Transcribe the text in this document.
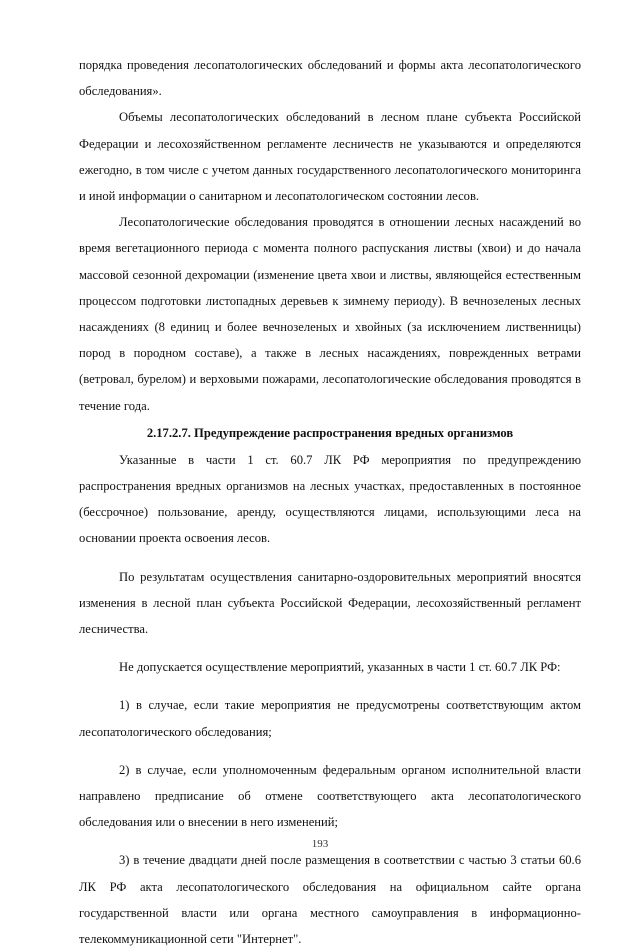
порядка проведения лесопатологических обследований и формы акта лесопатологического обследования».

Объемы лесопатологических обследований в лесном плане субъекта Российской Федерации и лесохозяйственном регламенте лесничеств не указываются и определяются ежегодно, в том числе с учетом данных государственного лесопатологического мониторинга и иной информации о санитарном и лесопатологическом состоянии лесов.

Лесопатологические обследования проводятся в отношении лесных насаждений во время вегетационного периода с момента полного распускания листвы (хвои) и до начала массовой сезонной дехромации (изменение цвета хвои и листвы, являющейся естественным процессом подготовки листопадных деревьев к зимнему периоду). В вечнозеленых лесных насаждениях (8 единиц и более вечнозеленых и хвойных (за исключением лиственницы) пород в породном составе), а также в лесных насаждениях, поврежденных ветрами (ветровал, бурелом) и верховыми пожарами, лесопатологические обследования проводятся в течение года.

2.17.2.7. Предупреждение распространения вредных организмов

Указанные в части 1 ст. 60.7 ЛК РФ мероприятия по предупреждению распространения вредных организмов на лесных участках, предоставленных в постоянное (бессрочное) пользование, аренду, осуществляются лицами, использующими леса на основании проекта освоения лесов.

По результатам осуществления санитарно-оздоровительных мероприятий вносятся изменения в лесной план субъекта Российской Федерации, лесохозяйственный регламент лесничества.

Не допускается осуществление мероприятий, указанных в части 1 ст. 60.7 ЛК РФ:

1) в случае, если такие мероприятия не предусмотрены соответствующим актом лесопатологического обследования;

2) в случае, если уполномоченным федеральным органом исполнительной власти направлено предписание об отмене соответствующего акта лесопатологического обследования или о внесении в него изменений;

3) в течение двадцати дней после размещения в соответствии с частью 3 статьи 60.6 ЛК РФ акта лесопатологического обследования на официальном сайте органа государственной власти или органа местного самоуправления в информационно-телекоммуникационной сети "Интернет".

193
